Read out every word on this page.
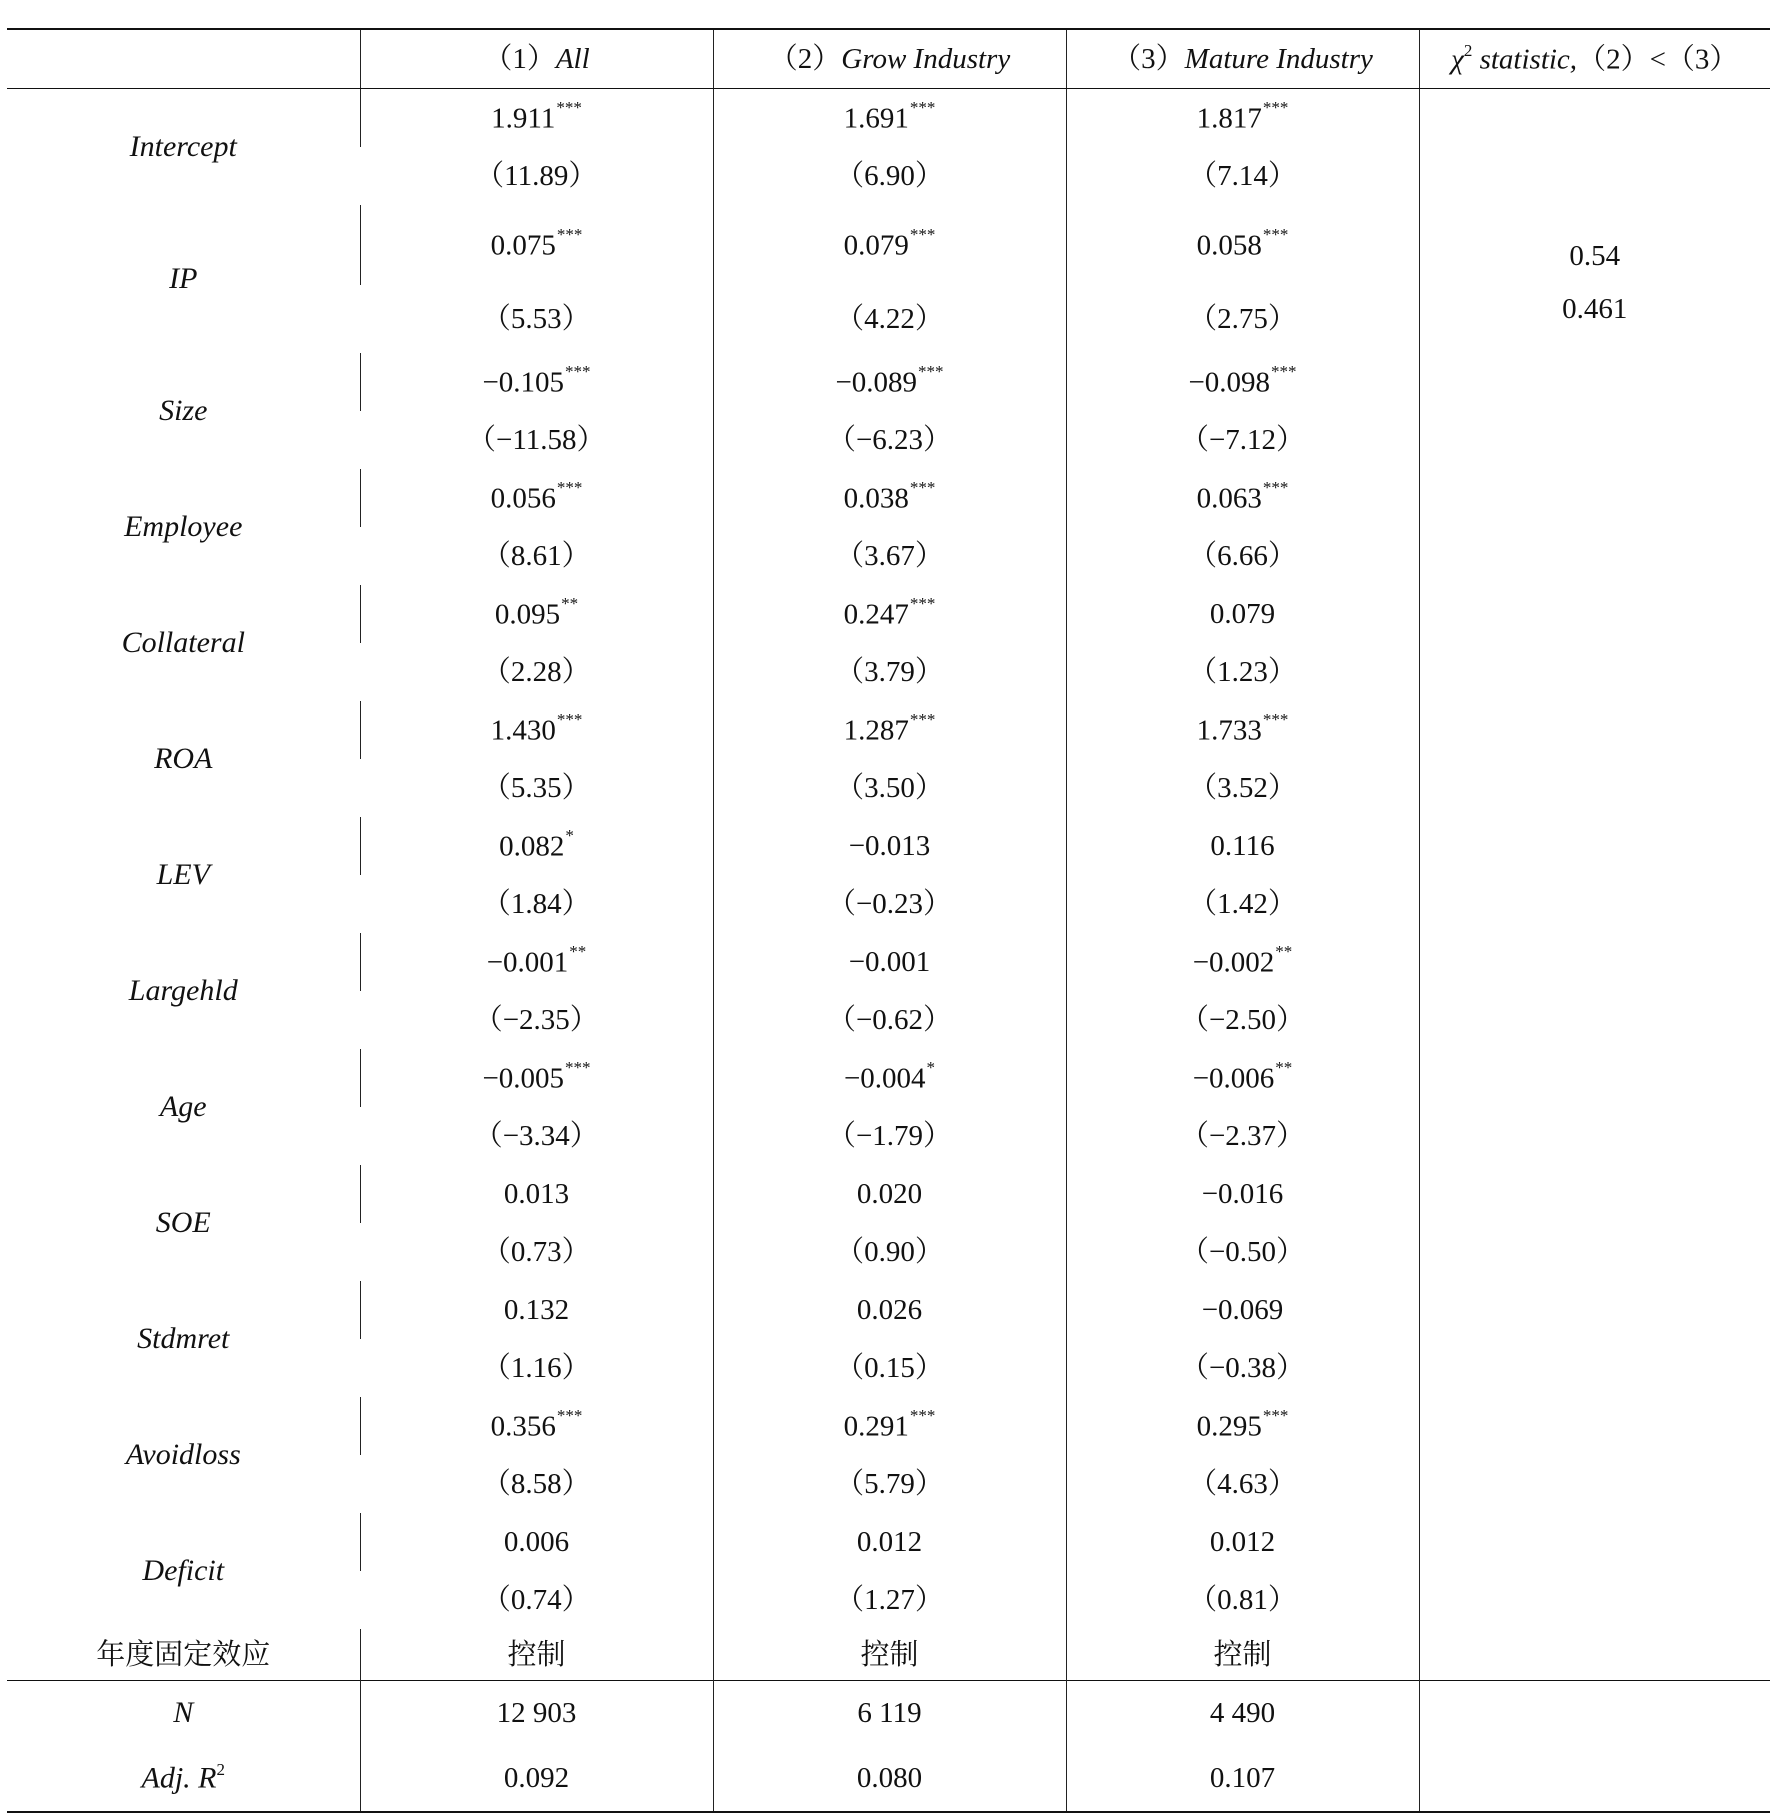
	（1）All	（2）Grow Industry	（3）Mature Industry	$\chi^2$ statistic,（2）<（3）
Intercept	1.911***	1.691***	1.817***	
	（11.89）	（6.90）	（7.14）	
IP	0.075***	0.079***	0.058***	0.54
	（5.53）	（4.22）	（2.75）	0.461
Size	−0.105***	−0.089***	−0.098***	
	（−11.58）	（−6.23）	（−7.12）	
Employee	0.056***	0.038***	0.063***	
	（8.61）	（3.67）	（6.66）	
Collateral	0.095**	0.247***	0.079	
	（2.28）	（3.79）	（1.23）	
ROA	1.430***	1.287***	1.733***	
	（5.35）	（3.50）	（3.52）	
LEV	0.082*	−0.013	0.116	
	（1.84）	（−0.23）	（1.42）	
Largehld	−0.001**	−0.001	−0.002**	
	（−2.35）	（−0.62）	（−2.50）	
Age	−0.005***	−0.004*	−0.006**	
	（−3.34）	（−1.79）	（−2.37）	
SOE	0.013	0.020	−0.016	
	（0.73）	（0.90）	（−0.50）	
Stdmret	0.132	0.026	−0.069	
	（1.16）	（0.15）	（−0.38）	
Avoidloss	0.356***	0.291***	0.295***	
	（8.58）	（5.79）	（4.63）	
Deficit	0.006	0.012	0.012	
	（0.74）	（1.27）	（0.81）	
年度固定效应	控制	控制	控制	
N	12 903	6 119	4 490	
Adj. $R^2$	0.092	0.080	0.107	
